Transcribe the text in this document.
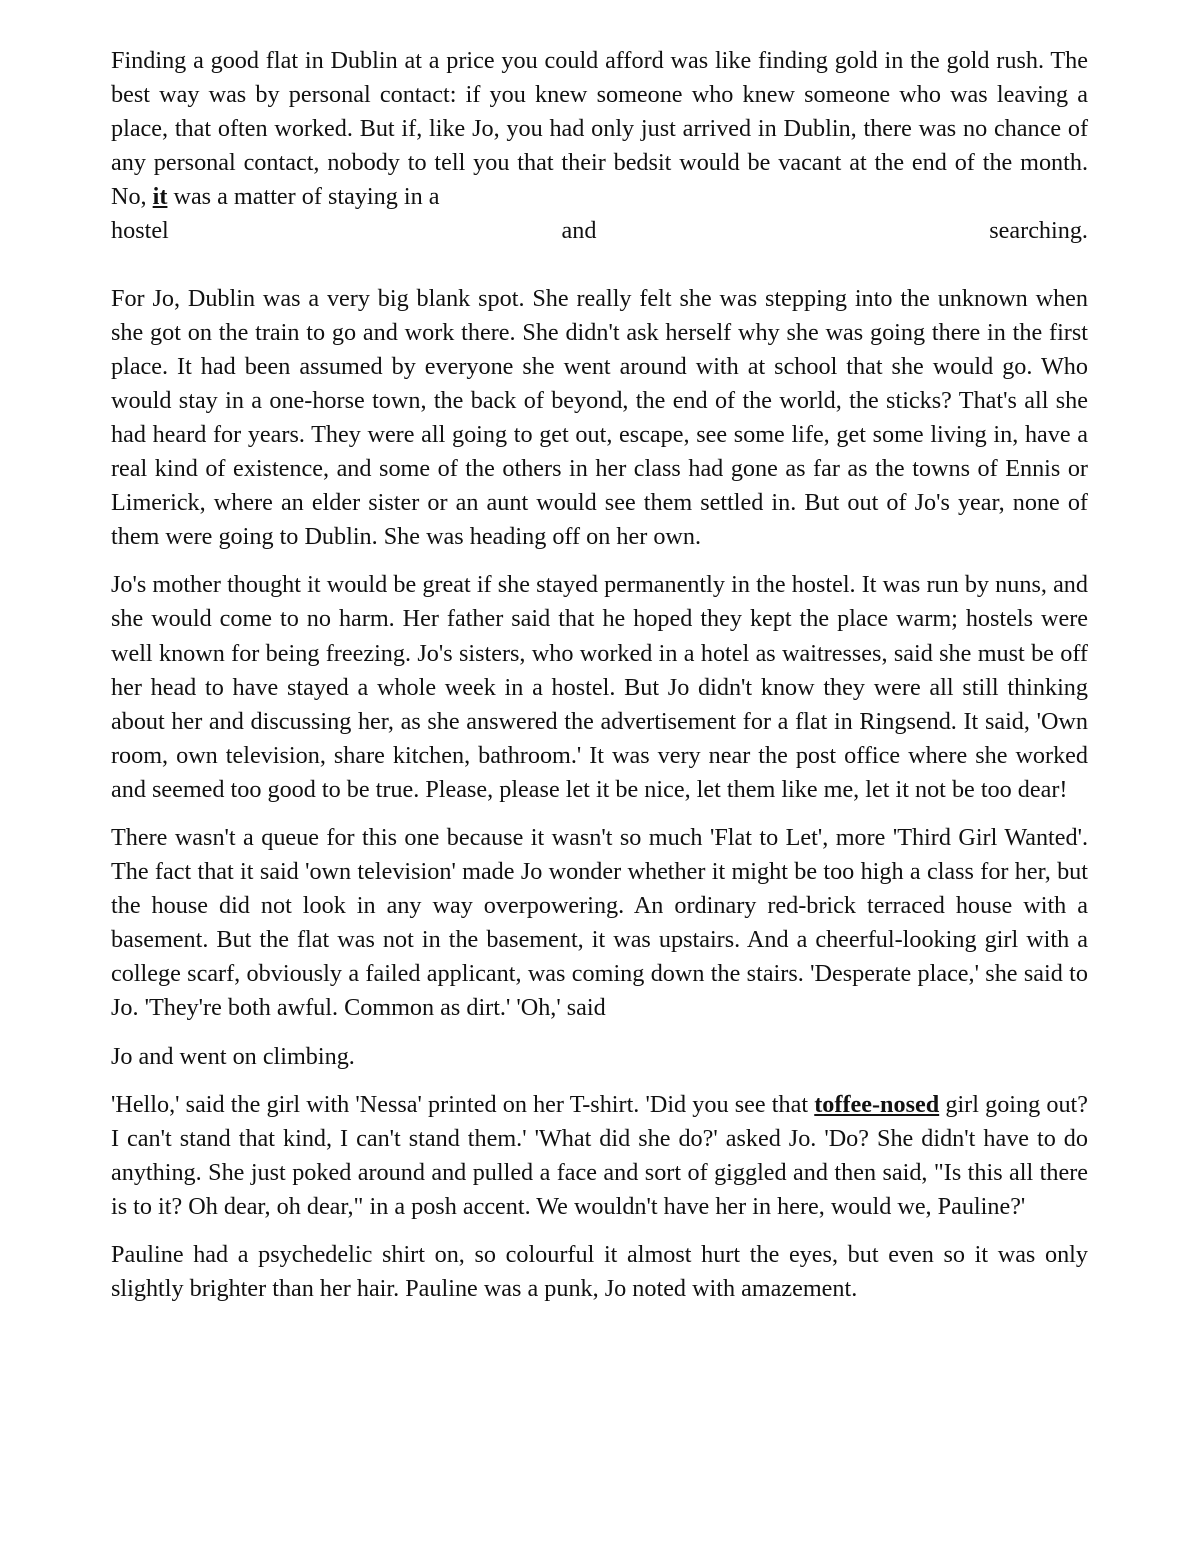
Finding a good flat in Dublin at a price you could afford was like finding gold in the gold rush. The best way was by personal contact: if you knew someone who knew someone who was leaving a place, that often worked. But if, like Jo, you had only just arrived in Dublin, there was no chance of any personal contact, nobody to tell you that their bedsit would be vacant at the end of the month. No, it was a matter of staying in a
hostel	and	searching.

For Jo, Dublin was a very big blank spot. She really felt she was stepping into the unknown when she got on the train to go and work there. She didn't ask herself why she was going there in the first place. It had been assumed by everyone she went around with at school that she would go. Who would stay in a one-horse town, the back of beyond, the end of the world, the sticks? That's all she had heard for years. They were all going to get out, escape, see some life, get some living in, have a real kind of existence, and some of the others in her class had gone as far as the towns of Ennis or Limerick, where an elder sister or an aunt would see them settled in. But out of Jo's year, none of them were going to Dublin. She was heading off on her own.

Jo's mother thought it would be great if she stayed permanently in the hostel. It was run by nuns, and she would come to no harm. Her father said that he hoped they kept the place warm; hostels were well known for being freezing. Jo's sisters, who worked in a hotel as waitresses, said she must be off her head to have stayed a whole week in a hostel. But Jo didn't know they were all still thinking about her and discussing her, as she answered the advertisement for a flat in Ringsend. It said, 'Own room, own television, share kitchen, bathroom.' It was very near the post office where she worked and seemed too good to be true. Please, please let it be nice, let them like me, let it not be too dear!

There wasn't a queue for this one because it wasn't so much 'Flat to Let', more 'Third Girl Wanted'. The fact that it said 'own television' made Jo wonder whether it might be too high a class for her, but the house did not look in any way overpowering. An ordinary red-brick terraced house with a basement. But the flat was not in the basement, it was upstairs. And a cheerful-looking girl with a college scarf, obviously a failed applicant, was coming down the stairs. 'Desperate place,' she said to Jo. 'They're both awful. Common as dirt.' 'Oh,' said

Jo and went on climbing.

'Hello,' said the girl with 'Nessa' printed on her T-shirt. 'Did you see that toffee-nosed girl going out? I can't stand that kind, I can't stand them.' 'What did she do?' asked Jo. 'Do? She didn't have to do anything. She just poked around and pulled a face and sort of giggled and then said, "Is this all there is to it? Oh dear, oh dear," in a posh accent. We wouldn't have her in here, would we, Pauline?'

Pauline had a psychedelic shirt on, so colourful it almost hurt the eyes, but even so it was only slightly brighter than her hair. Pauline was a punk, Jo noted with amazement.
